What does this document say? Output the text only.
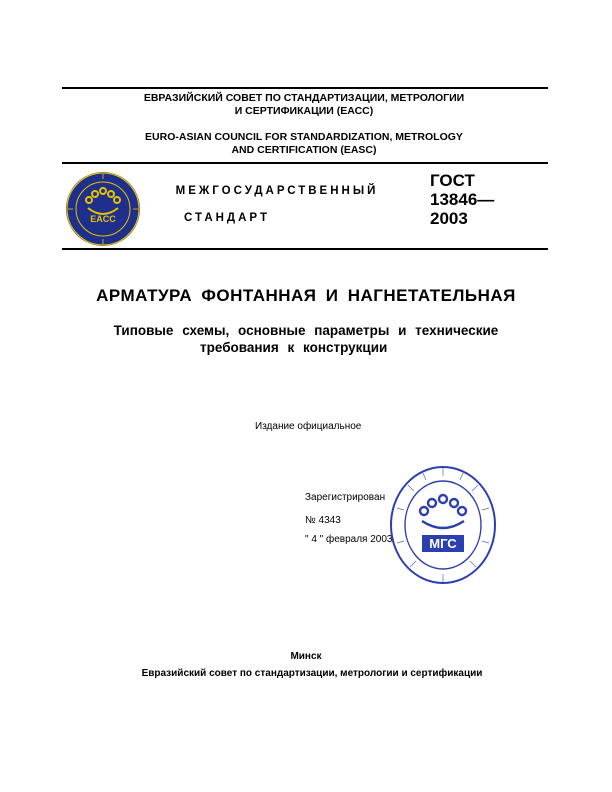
ЕВРАЗИЙСКИЙ СОВЕТ ПО СТАНДАРТИЗАЦИИ, МЕТРОЛОГИИ
И СЕРТИФИКАЦИИ (ЕАСС)
EURO-ASIAN COUNCIL FOR STANDARDIZATION, METROLOGY
AND CERTIFICATION (EASC)
EACC
МЕЖГОСУДАРСТВЕННЫЙ
СТАНДАРТ
ГОСТ
13846—
2003
АРМАТУРА ФОНТАННАЯ И НАГНЕТАТЕЛЬНАЯ
Типовые схемы, основные параметры и технические
требования к конструкции
Издание официальное
Зарегистрирован
№ 4343
" 4 " февраля 2003	МГС
Минск
Евразийский совет по стандартизации, метрологии и сертификации
